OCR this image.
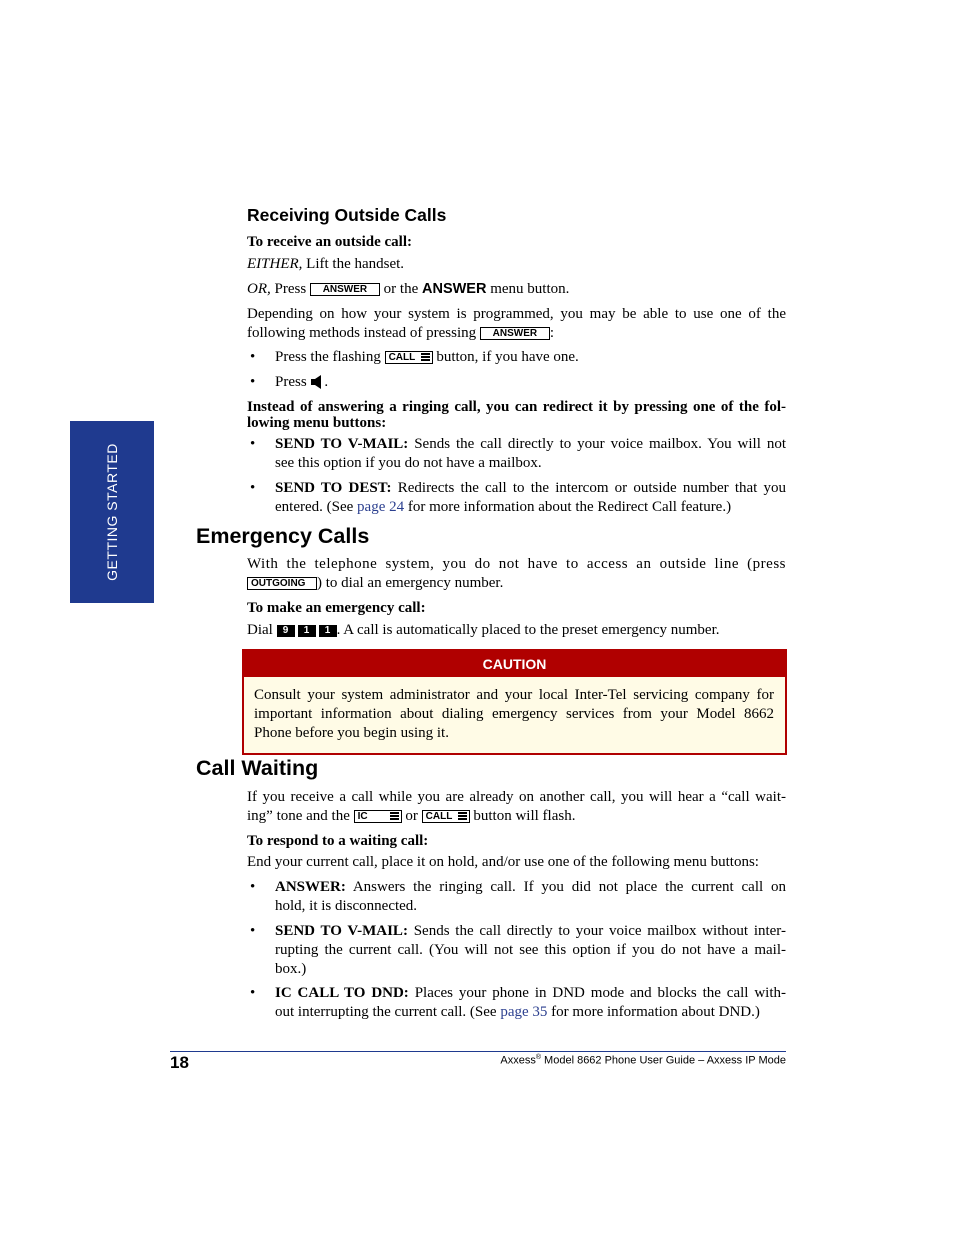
GETTING STARTED
Receiving Outside Calls
To receive an outside call:
EITHER, Lift the handset.
OR, Press ANSWER or the ANSWER menu button.
Depending on how your system is programmed, you may be able to use one of the
following methods instead of pressing ANSWER :
• Press the flashing CALL button, if you have one.
• Press .
Instead of answering a ringing call, you can redirect it by pressing one of the fol-
lowing menu buttons:
• SEND TO V-MAIL: Sends the call directly to your voice mailbox. You will not
see this option if you do not have a mailbox.
• SEND TO DEST: Redirects the call to the intercom or outside number that you
entered. (See page 24 for more information about the Redirect Call feature.)
Emergency Calls
With the telephone system, you do not have to access an outside line (press
OUTGOING ) to dial an emergency number.
To make an emergency call:
Dial 9 1 1 . A call is automatically placed to the preset emergency number.
CAUTION
Consult your system administrator and your local Inter-Tel servicing company for
important information about dialing emergency services from your Model 8662
Phone before you begin using it.
Call Waiting
If you receive a call while you are already on another call, you will hear a “call wait-
ing” tone and the IC	or CALL button will flash.
To respond to a waiting call:
End your current call, place it on hold, and/or use one of the following menu buttons:
• ANSWER: Answers the ringing call. If you did not place the current call on
hold, it is disconnected.
• SEND TO V-MAIL: Sends the call directly to your voice mailbox without inter-
rupting the current call. (You will not see this option if you do not have a mail-
box.)
• IC CALL TO DND: Places your phone in DND mode and blocks the call with-
out interrupting the current call. (See page 35 for more information about DND.)
18	Axxess® Model 8662 Phone User Guide – Axxess IP Mode
